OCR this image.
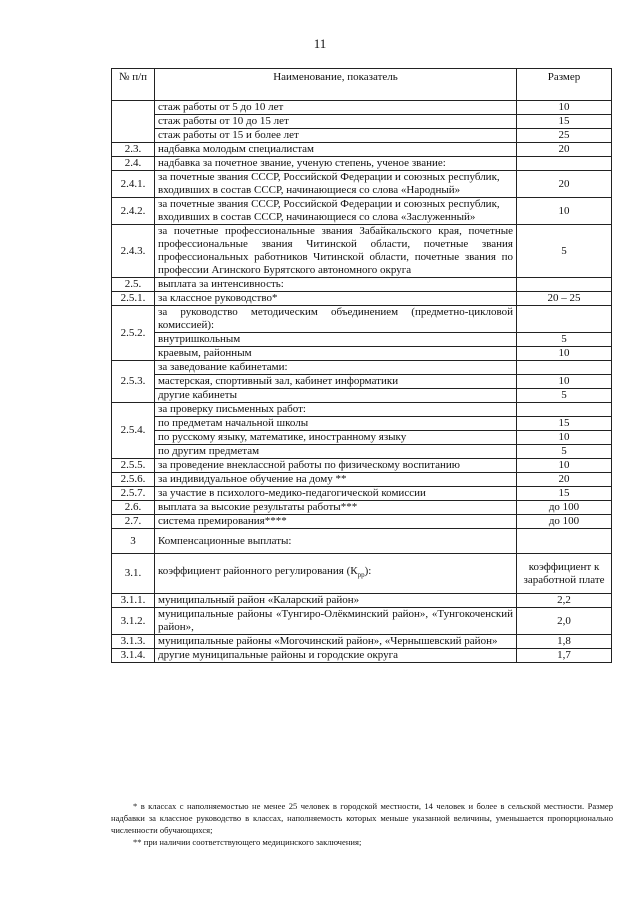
11
№ п/п	Наименование, показатель	Размер
	стаж работы от 5 до 10 лет	10
	стаж работы от 10 до 15 лет	15
	стаж работы от 15 и более лет	25
2.3.	надбавка молодым специалистам	20
2.4.	надбавка за почетное звание, ученую степень, ученое звание:	
2.4.1.	за почетные звания СССР, Российской Федерации и союзных республик, входивших в состав СССР, начинающиеся со слова «Народный»	20
2.4.2.	за почетные звания СССР, Российской Федерации и союзных республик, входивших в состав СССР, начинающиеся со слова «Заслуженный»	10
2.4.3.	за почетные профессиональные звания Забайкальского края, почетные профессиональные звания Читинской области, почетные звания профессиональных работников Читинской области, почетные звания по профессии Агинского Бурятского автономного округа	5
2.5.	выплата за интенсивность:	
2.5.1.	за классное руководство*	20 – 25
2.5.2.	за руководство методическим объединением (предметно-цикловой комиссией):	
	внутришкольным	5
	краевым, районным	10
2.5.3.	за заведование кабинетами:	
	мастерская, спортивный зал, кабинет информатики	10
	другие кабинеты	5
2.5.4.	за проверку письменных работ:	
	по предметам начальной школы	15
	по русскому языку, математике, иностранному языку	10
	по другим предметам	5
2.5.5.	за проведение внеклассной работы по физическому воспитанию	10
2.5.6.	за индивидуальное обучение на дому **	20
2.5.7.	за участие в психолого-медико-педагогической комиссии	15
2.6.	выплата за высокие результаты работы***	до 100
2.7.	система премирования****	до 100
3	Компенсационные выплаты:	
3.1.	коэффициент районного регулирования $(К_{рр})$:	коэффициент к заработной плате
3.1.1.	муниципальный район «Каларский район»	2,2
3.1.2.	муниципальные районы «Тунгиро-Олёкминский район», «Тунгокоченский район»,	2,0
3.1.3.	муниципальные районы «Могочинский район», «Чернышевский район»	1,8
3.1.4.	другие муниципальные районы и городские округа	1,7

* в классах с наполняемостью не менее 25 человек в городской местности, 14 человек и более в сельской местности. Размер надбавки за классное руководство в классах, наполняемость которых меньше указанной величины, уменьшается пропорционально численности обучающихся;

** при наличии соответствующего медицинского заключения;
